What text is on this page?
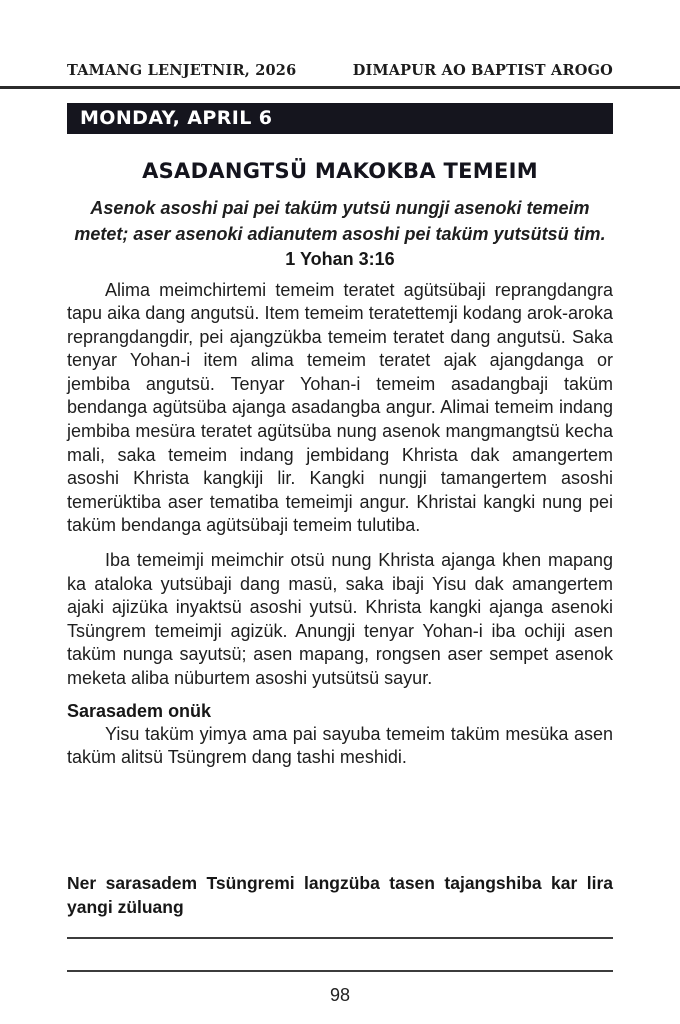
TAMANG LENJETNIR, 2026	DIMAPUR AO BAPTIST AROGO
MONDAY, APRIL 6
ASADANGTSÜ MAKOKBA TEMEIM
Asenok asoshi pai pei taküm yutsü nungji asenoki temeim metet; aser asenoki adianutem asoshi pei taküm yutsütsü tim.
1 Yohan 3:16

Alima meimchirtemi temeim teratet agütsübaji reprangdangra tapu aika dang angutsü. Item temeim teratettemji kodang arok-aroka reprangdangdir, pei ajangzükba temeim teratet dang angutsü. Saka tenyar Yohan-i item alima temeim teratet ajak ajangdanga or jembiba angutsü. Tenyar Yohan-i temeim asadangbaji taküm bendanga agütsüba ajanga asadangba angur. Alimai temeim indang jembiba mesüra teratet agütsüba nung asenok mangmangtsü kecha mali, saka temeim indang jembidang Khrista dak amangertem asoshi Khrista kangkiji lir. Kangki nungji tamangertem asoshi temerüktiba aser tematiba temeimji angur. Khristai kangki nung pei taküm bendanga agütsübaji temeim tulutiba.

Iba temeimji meimchir otsü nung Khrista ajanga khen mapang ka ataloka yutsübaji dang masü, saka ibaji Yisu dak amangertem ajaki ajizüka inyaktsü asoshi yutsü. Khrista kangki ajanga asenoki Tsüngrem temeimji agizük. Anungji tenyar Yohan-i iba ochiji asen taküm nunga sayutsü; asen mapang, rongsen aser sempet asenok meketa aliba nüburtem asoshi yutsütsü sayur.

Sarasadem onük

Yisu taküm yimya ama pai sayuba temeim taküm mesüka asen taküm alitsü Tsüngrem dang tashi meshidi.

Ner sarasadem Tsüngremi langzüba tasen tajangshiba kar lira yangi züluang
98
